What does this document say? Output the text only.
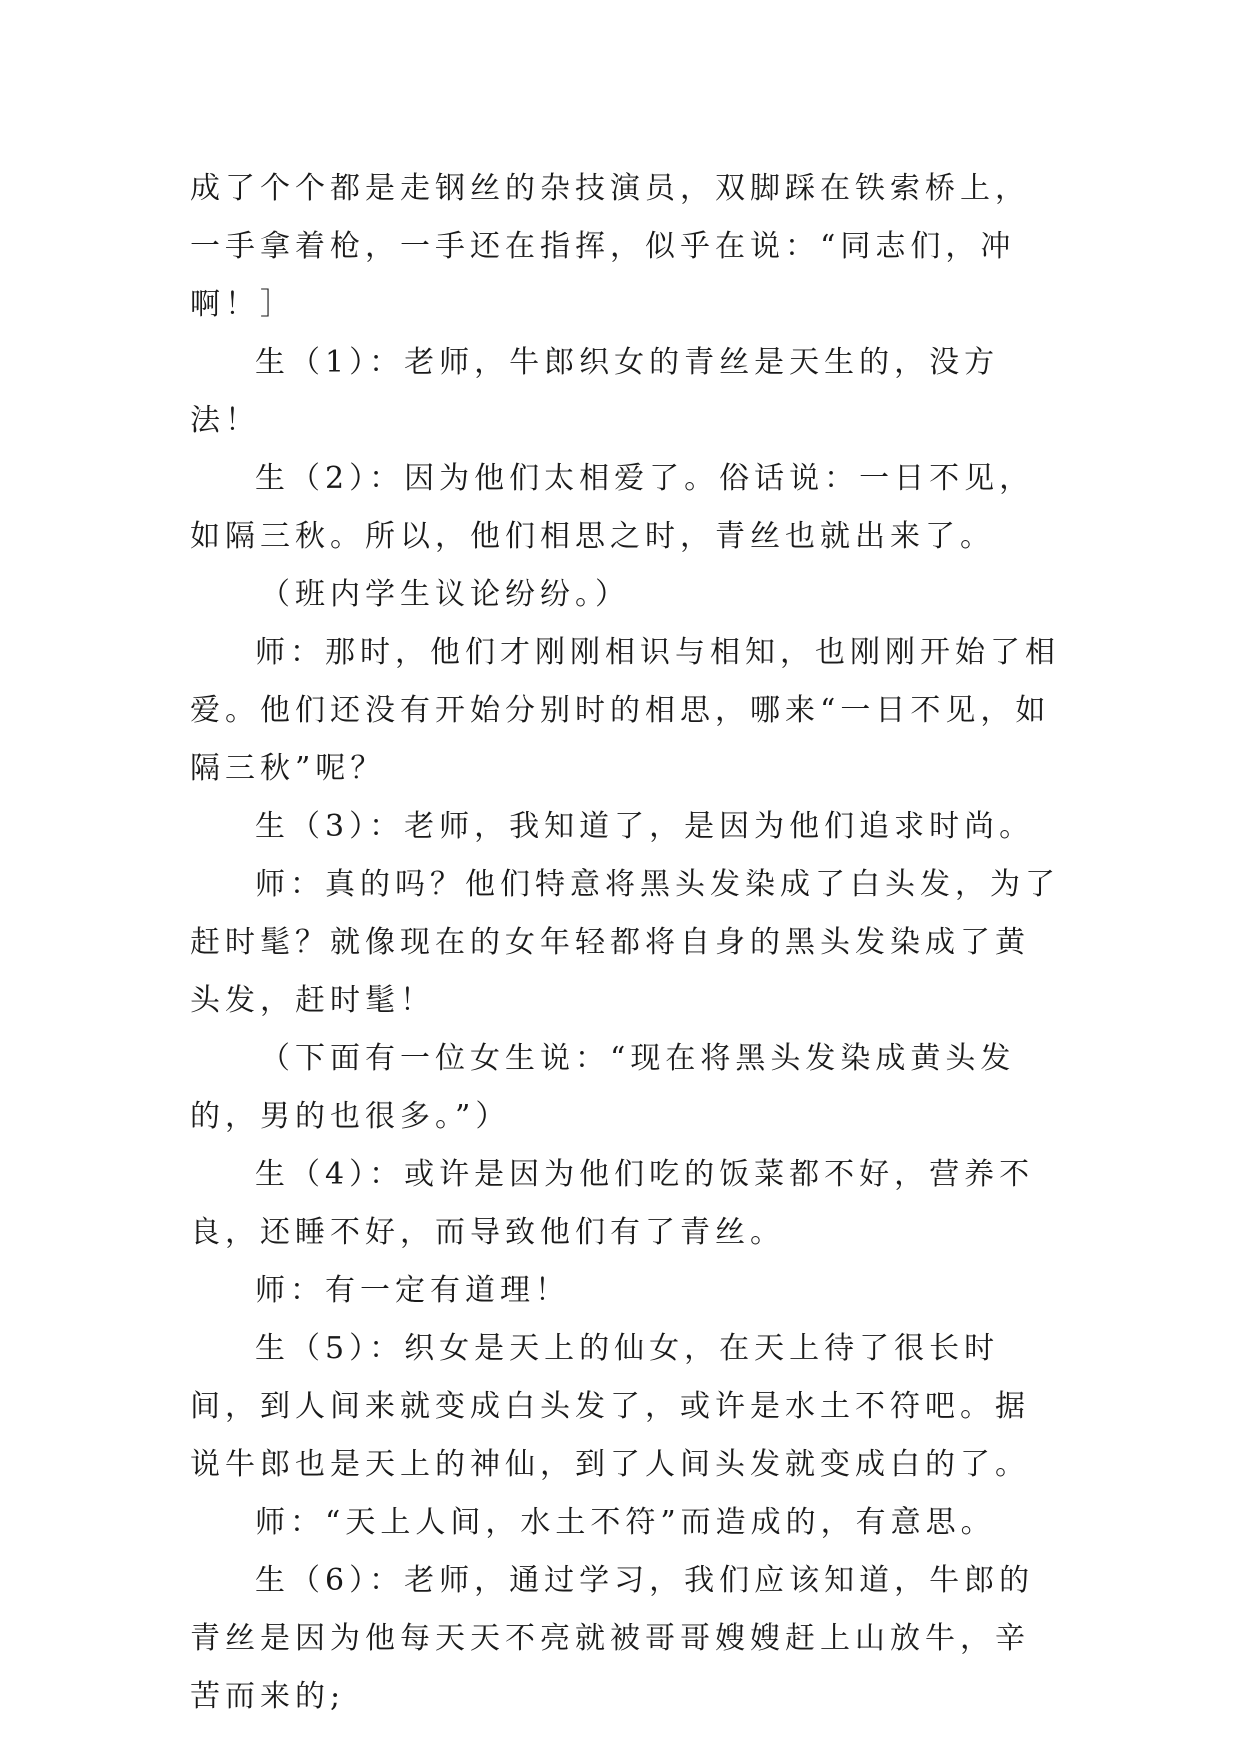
成了个个都是走钢丝的杂技演员，双脚踩在铁索桥上，一手拿着枪，一手还在指挥，似乎在说：“同志们，冲啊！］

生（1）：老师，牛郎织女的青丝是天生的，没方法！

生（2）：因为他们太相爱了。俗话说：一日不见，如隔三秋。所以，他们相思之时，青丝也就出来了。

（班内学生议论纷纷。）

师：那时，他们才刚刚相识与相知，也刚刚开始了相爱。他们还没有开始分别时的相思，哪来“一日不见，如隔三秋”呢？

生（3）：老师，我知道了，是因为他们追求时尚。

师：真的吗？他们特意将黑头发染成了白头发，为了赶时髦？就像现在的女年轻都将自身的黑头发染成了黄头发，赶时髦！

（下面有一位女生说：“现在将黑头发染成黄头发的，男的也很多。”）

生（4）：或许是因为他们吃的饭菜都不好，营养不良，还睡不好，而导致他们有了青丝。

师：有一定有道理！

生（5）：织女是天上的仙女，在天上待了很长时间，到人间来就变成白头发了，或许是水土不符吧。据说牛郎也是天上的神仙，到了人间头发就变成白的了。

师：“天上人间，水土不符”而造成的，有意思。

生（6）：老师，通过学习，我们应该知道，牛郎的青丝是因为他每天天不亮就被哥哥嫂嫂赶上山放牛，辛苦而来的;
